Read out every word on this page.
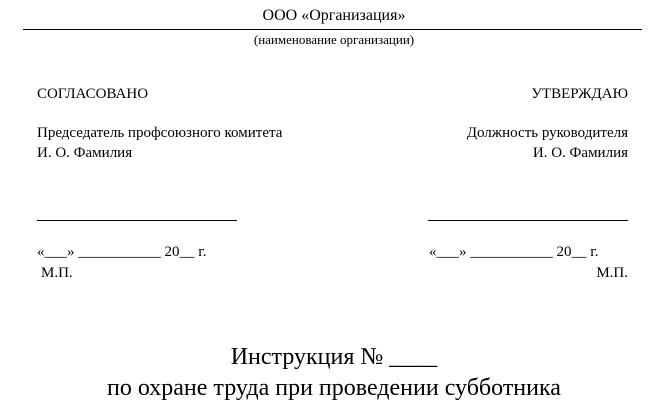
ООО «Организация»
(наименование организации)
СОГЛАСОВАНО
Председатель профсоюзного комитета
И. О. Фамилия
«___» ___________ 20__ г.
М.П.
УТВЕРЖДАЮ
Должность руководителя
И. О. Фамилия
«___» ___________ 20__ г.
М.П.
Инструкция № ____
по охране труда при проведении субботника
